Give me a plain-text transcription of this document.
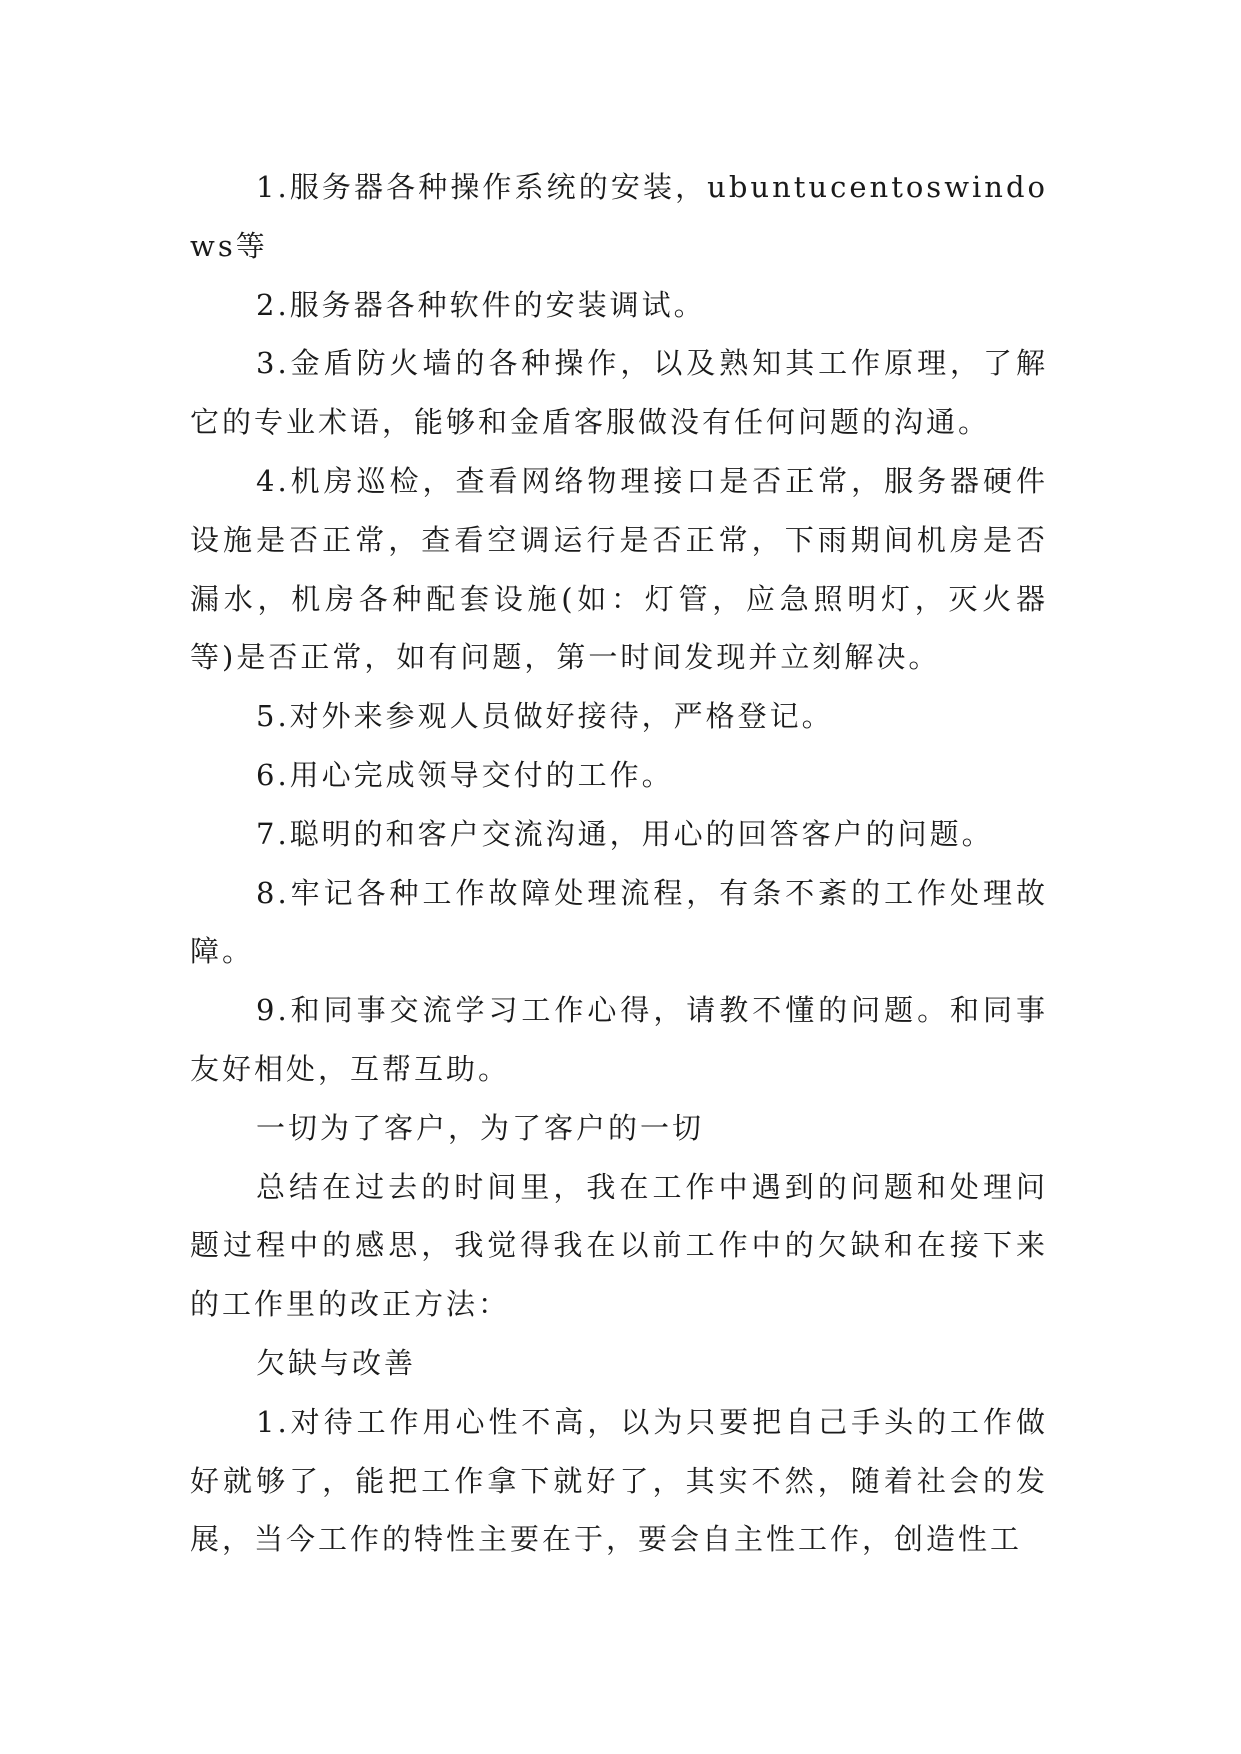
1.服务器各种操作系统的安装，ubuntucentoswindows等

2.服务器各种软件的安装调试。

3.金盾防火墙的各种操作，以及熟知其工作原理，了解它的专业术语，能够和金盾客服做没有任何问题的沟通。

4.机房巡检，查看网络物理接口是否正常，服务器硬件设施是否正常，查看空调运行是否正常，下雨期间机房是否漏水，机房各种配套设施(如：灯管，应急照明灯，灭火器等)是否正常，如有问题，第一时间发现并立刻解决。

5.对外来参观人员做好接待，严格登记。

6.用心完成领导交付的工作。

7.聪明的和客户交流沟通，用心的回答客户的问题。

8.牢记各种工作故障处理流程，有条不紊的工作处理故障。

9.和同事交流学习工作心得，请教不懂的问题。和同事友好相处，互帮互助。

一切为了客户，为了客户的一切

总结在过去的时间里，我在工作中遇到的问题和处理问题过程中的感思，我觉得我在以前工作中的欠缺和在接下来的工作里的改正方法：

欠缺与改善

1.对待工作用心性不高，以为只要把自己手头的工作做好就够了，能把工作拿下就好了，其实不然，随着社会的发展，当今工作的特性主要在于，要会自主性工作，创造性工
